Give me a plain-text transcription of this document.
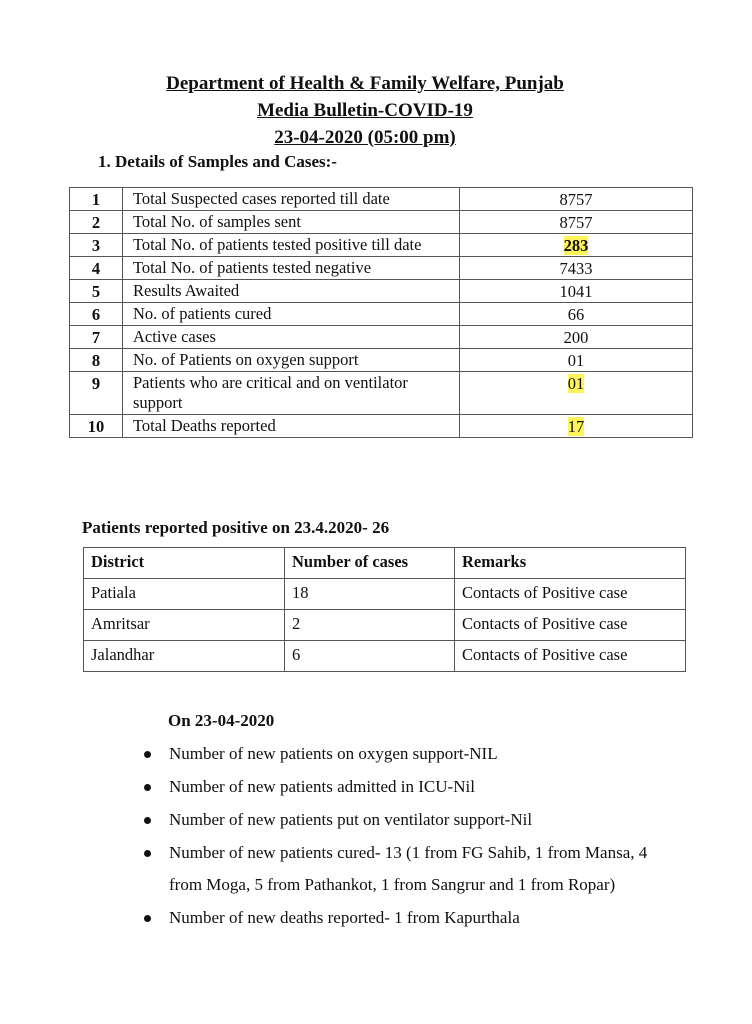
Department of Health & Family Welfare, Punjab
Media Bulletin-COVID-19
23-04-2020 (05:00 pm)
1. Details of Samples and Cases:-
1	Total Suspected cases reported till date	8757
2	Total No. of samples sent	8757
3	Total No. of patients tested positive till date	283
4	Total No. of patients tested negative	7433
5	Results Awaited	1041
6	No. of patients cured	66
7	Active cases	200
8	No. of Patients on oxygen support	01
9	Patients who are critical and on ventilator support	01
10	Total Deaths reported	17
Patients reported positive on 23.4.2020- 26
District	Number of cases	Remarks
Patiala	18	Contacts of Positive case
Amritsar	2	Contacts of Positive case
Jalandhar	6	Contacts of Positive case
On 23-04-2020
Number of new patients on oxygen support-NIL
Number of new patients admitted in ICU-Nil
Number of new patients put on ventilator support-Nil
Number of new patients cured- 13 (1 from FG Sahib, 1 from Mansa, 4 from Moga, 5 from Pathankot, 1 from Sangrur and 1 from Ropar)
Number of new deaths reported- 1 from Kapurthala
